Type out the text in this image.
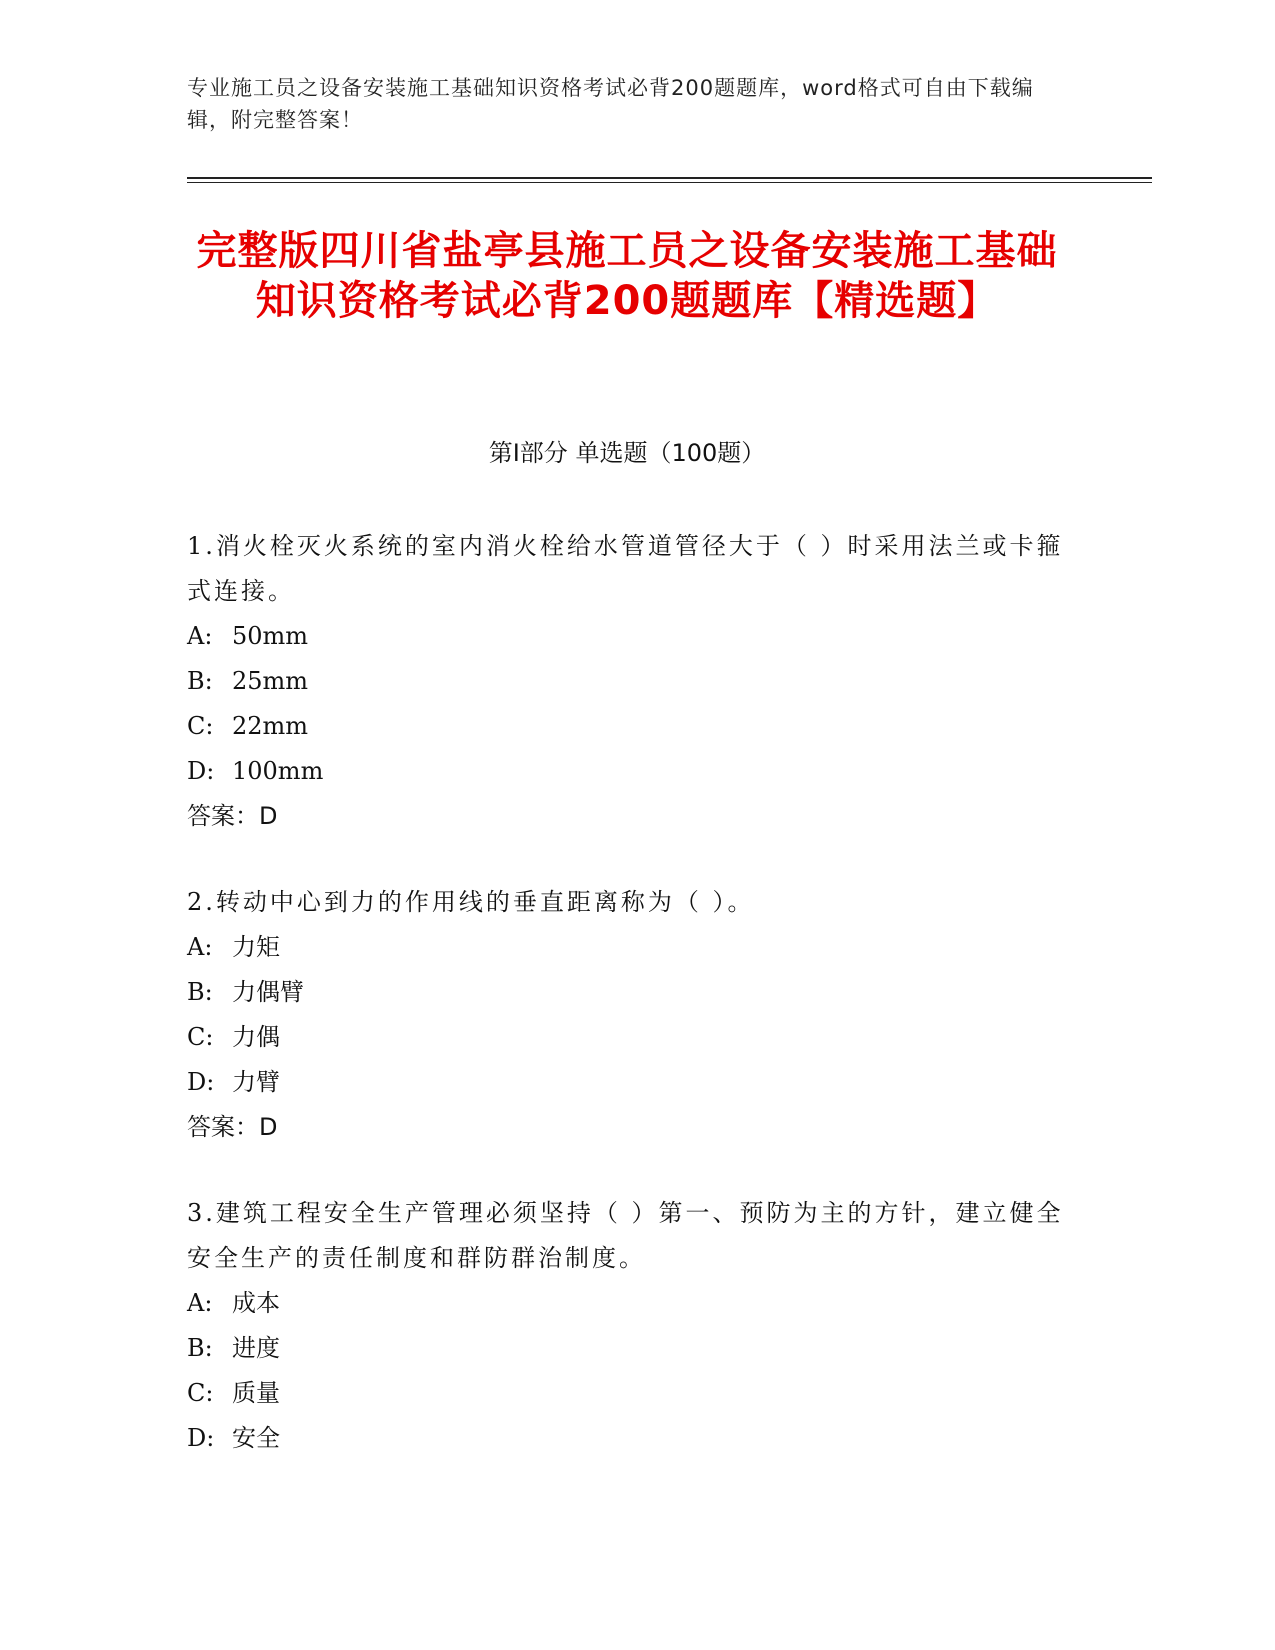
专业施工员之设备安装施工基础知识资格考试必背200题题库，word格式可自由下载编辑，附完整答案！
完整版四川省盐亭县施工员之设备安装施工基础知识资格考试必背200题题库【精选题】
第I部分 单选题（100题）
1.消火栓灭火系统的室内消火栓给水管道管径大于（ ）时采用法兰或卡箍式连接。
A: 50mm
B: 25mm
C: 22mm
D: 100mm
答案：D
2.转动中心到力的作用线的垂直距离称为（ ）。
A: 力矩
B: 力偶臂
C: 力偶
D: 力臂
答案：D
3.建筑工程安全生产管理必须坚持（ ）第一、预防为主的方针，建立健全安全生产的责任制度和群防群治制度。
A: 成本
B: 进度
C: 质量
D: 安全
